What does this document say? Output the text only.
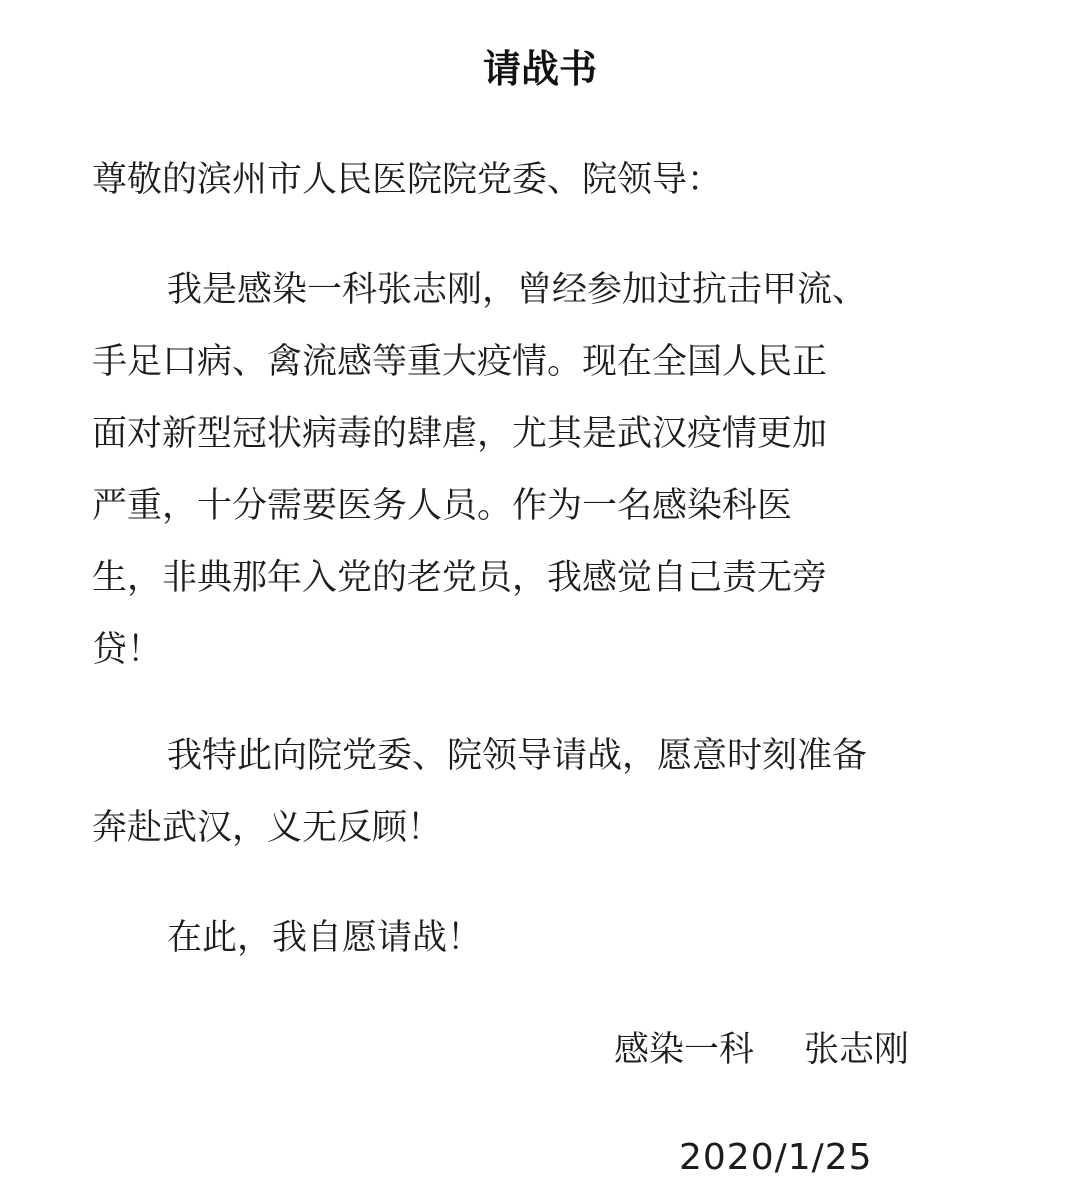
请战书
尊敬的滨州市人民医院院党委、院领导：
我是感染一科张志刚，曾经参加过抗击甲流、
手足口病、禽流感等重大疫情。现在全国人民正
面对新型冠状病毒的肆虐，尤其是武汉疫情更加
严重，十分需要医务人员。作为一名感染科医
生，非典那年入党的老党员，我感觉自己责无旁
贷！
我特此向院党委、院领导请战，愿意时刻准备
奔赴武汉，义无反顾！
在此，我自愿请战！
感染一科 张志刚
2020/1/25
